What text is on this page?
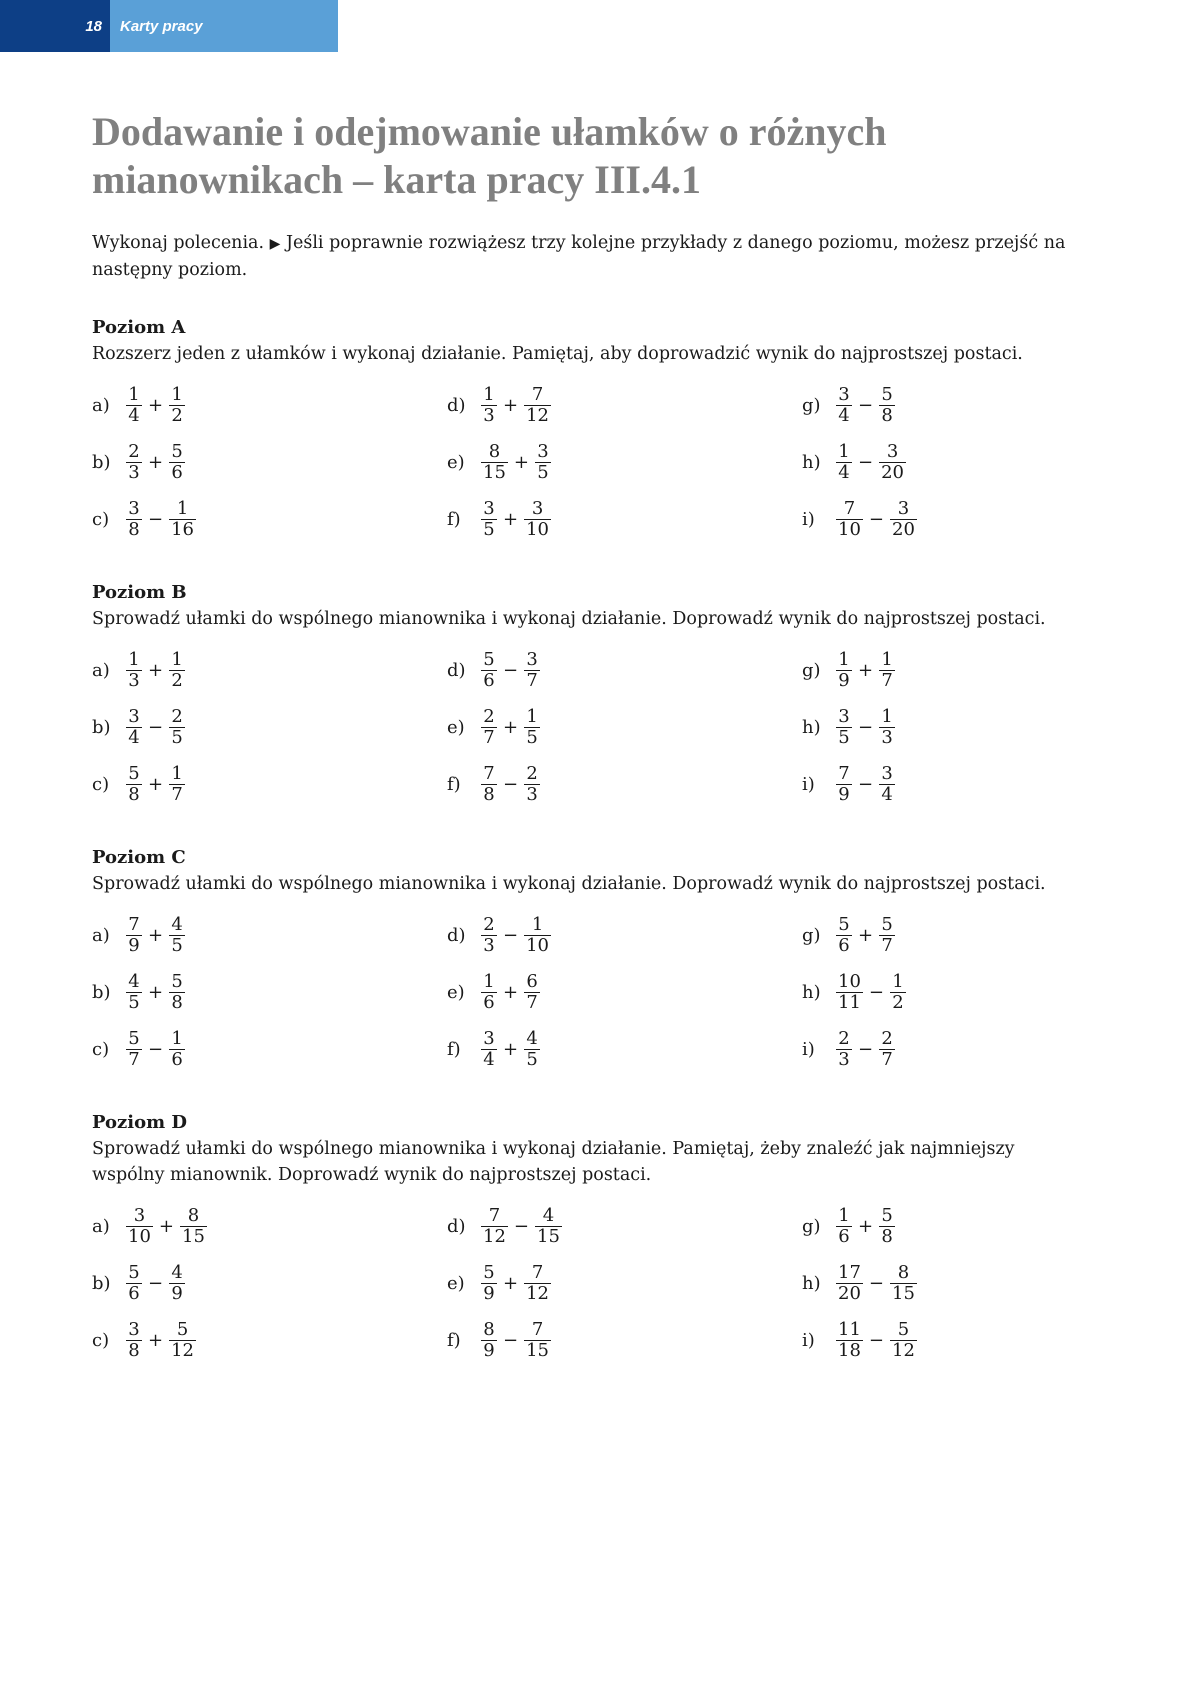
18	Karty pracy
Dodawanie i odejmowanie ułamków o różnych mianownikach – karta pracy III.4.1
Wykonaj polecenia. ▶ Jeśli poprawnie rozwiążesz trzy kolejne przykłady z danego poziomu, możesz przejść na następny poziom.
Poziom A
Rozszerz jeden z ułamków i wykonaj działanie. Pamiętaj, aby doprowadzić wynik do najprostszej postaci.
$a) \frac{1}{4} + \frac{1}{2}$	$d) \frac{1}{3} + \frac{7}{12}$	$g) \frac{3}{4} - \frac{5}{8}$
$b) \frac{2}{3} + \frac{5}{6}$	$e) \frac{8}{15} + \frac{3}{5}$	$h) \frac{1}{4} - \frac{3}{20}$
$c) \frac{3}{8} - \frac{1}{16}$	f)	$\frac{3}{5} + \frac{3}{10}$	i)	$\frac{7}{10} - \frac{3}{20}$
Poziom B
Sprowadź ułamki do wspólnego mianownika i wykonaj działanie. Doprowadź wynik do najprostszej postaci.
$a) \frac{1}{3} + \frac{1}{2}$	$d) \frac{5}{6} - \frac{3}{7}$	$g) \frac{1}{9} + \frac{1}{7}$
$b) \frac{3}{4} - \frac{2}{5}$	$e) \frac{2}{7} + \frac{1}{5}$	$h) \frac{3}{5} - \frac{1}{3}$
$c) \frac{5}{8} + \frac{1}{7}$	f)	$\frac{7}{8} - \frac{2}{3}$	i)	$\frac{7}{9} - \frac{3}{4}$
Poziom C
Sprowadź ułamki do wspólnego mianownika i wykonaj działanie. Doprowadź wynik do najprostszej postaci.
$a) \frac{7}{9} + \frac{4}{5}$	$d) \frac{2}{3} - \frac{1}{10}$	$g) \frac{5}{6} + \frac{5}{7}$
$b) \frac{4}{5} + \frac{5}{8}$	$e) \frac{1}{6} + \frac{6}{7}$	$h) \frac{10}{11} - \frac{1}{2}$
$c) \frac{5}{7} - \frac{1}{6}$	f)	$\frac{3}{4} + \frac{4}{5}$	i)	$\frac{2}{3} - \frac{2}{7}$
Poziom D
Sprowadź ułamki do wspólnego mianownika i wykonaj działanie. Pamiętaj, żeby znaleźć jak najmniejszy wspólny mianownik. Doprowadź wynik do najprostszej postaci.
$a) \frac{3}{10} + \frac{8}{15}$	$d) \frac{7}{12} - \frac{4}{15}$	$g) \frac{1}{6} + \frac{5}{8}$
$b) \frac{5}{6} - \frac{4}{9}$	$e) \frac{5}{9} + \frac{7}{12}$	$h) \frac{17}{20} - \frac{8}{15}$
$c) \frac{3}{8} + \frac{5}{12}$	f)	$\frac{8}{9} - \frac{7}{15}$	i)	$\frac{11}{18} - \frac{5}{12}$
